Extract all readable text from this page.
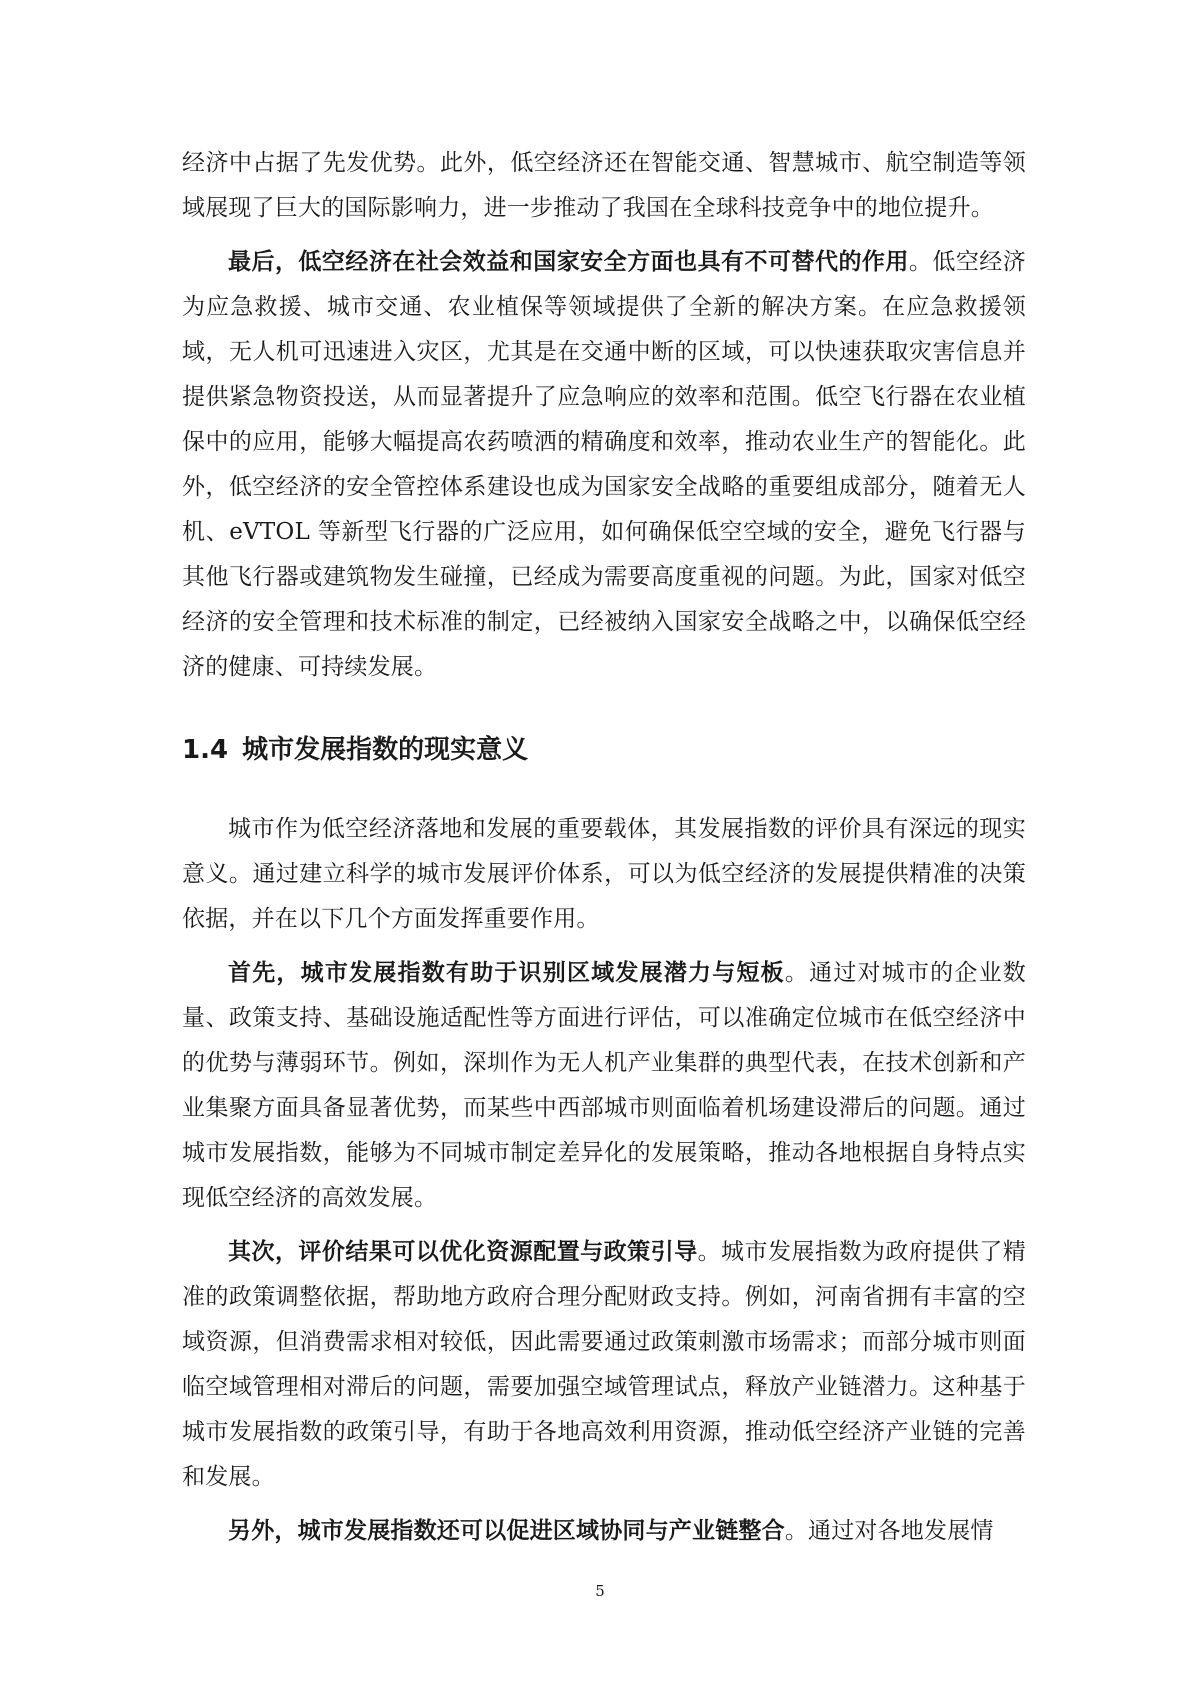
经济中占据了先发优势。此外，低空经济还在智能交通、智慧城市、航空制造等领域展现了巨大的国际影响力，进一步推动了我国在全球科技竞争中的地位提升。

最后，低空经济在社会效益和国家安全方面也具有不可替代的作用。低空经济为应急救援、城市交通、农业植保等领域提供了全新的解决方案。在应急救援领域，无人机可迅速进入灾区，尤其是在交通中断的区域，可以快速获取灾害信息并提供紧急物资投送，从而显著提升了应急响应的效率和范围。低空飞行器在农业植保中的应用，能够大幅提高农药喷洒的精确度和效率，推动农业生产的智能化。此外，低空经济的安全管控体系建设也成为国家安全战略的重要组成部分，随着无人机、eVTOL 等新型飞行器的广泛应用，如何确保低空空域的安全，避免飞行器与其他飞行器或建筑物发生碰撞，已经成为需要高度重视的问题。为此，国家对低空经济的安全管理和技术标准的制定，已经被纳入国家安全战略之中，以确保低空经济的健康、可持续发展。

1.4 城市发展指数的现实意义

城市作为低空经济落地和发展的重要载体，其发展指数的评价具有深远的现实意义。通过建立科学的城市发展评价体系，可以为低空经济的发展提供精准的决策依据，并在以下几个方面发挥重要作用。

首先，城市发展指数有助于识别区域发展潜力与短板。通过对城市的企业数量、政策支持、基础设施适配性等方面进行评估，可以准确定位城市在低空经济中的优势与薄弱环节。例如，深圳作为无人机产业集群的典型代表，在技术创新和产业集聚方面具备显著优势，而某些中西部城市则面临着机场建设滞后的问题。通过城市发展指数，能够为不同城市制定差异化的发展策略，推动各地根据自身特点实现低空经济的高效发展。

其次，评价结果可以优化资源配置与政策引导。城市发展指数为政府提供了精准的政策调整依据，帮助地方政府合理分配财政支持。例如，河南省拥有丰富的空域资源，但消费需求相对较低，因此需要通过政策刺激市场需求；而部分城市则面临空域管理相对滞后的问题，需要加强空域管理试点，释放产业链潜力。这种基于城市发展指数的政策引导，有助于各地高效利用资源，推动低空经济产业链的完善和发展。

另外，城市发展指数还可以促进区域协同与产业链整合。通过对各地发展情

5
